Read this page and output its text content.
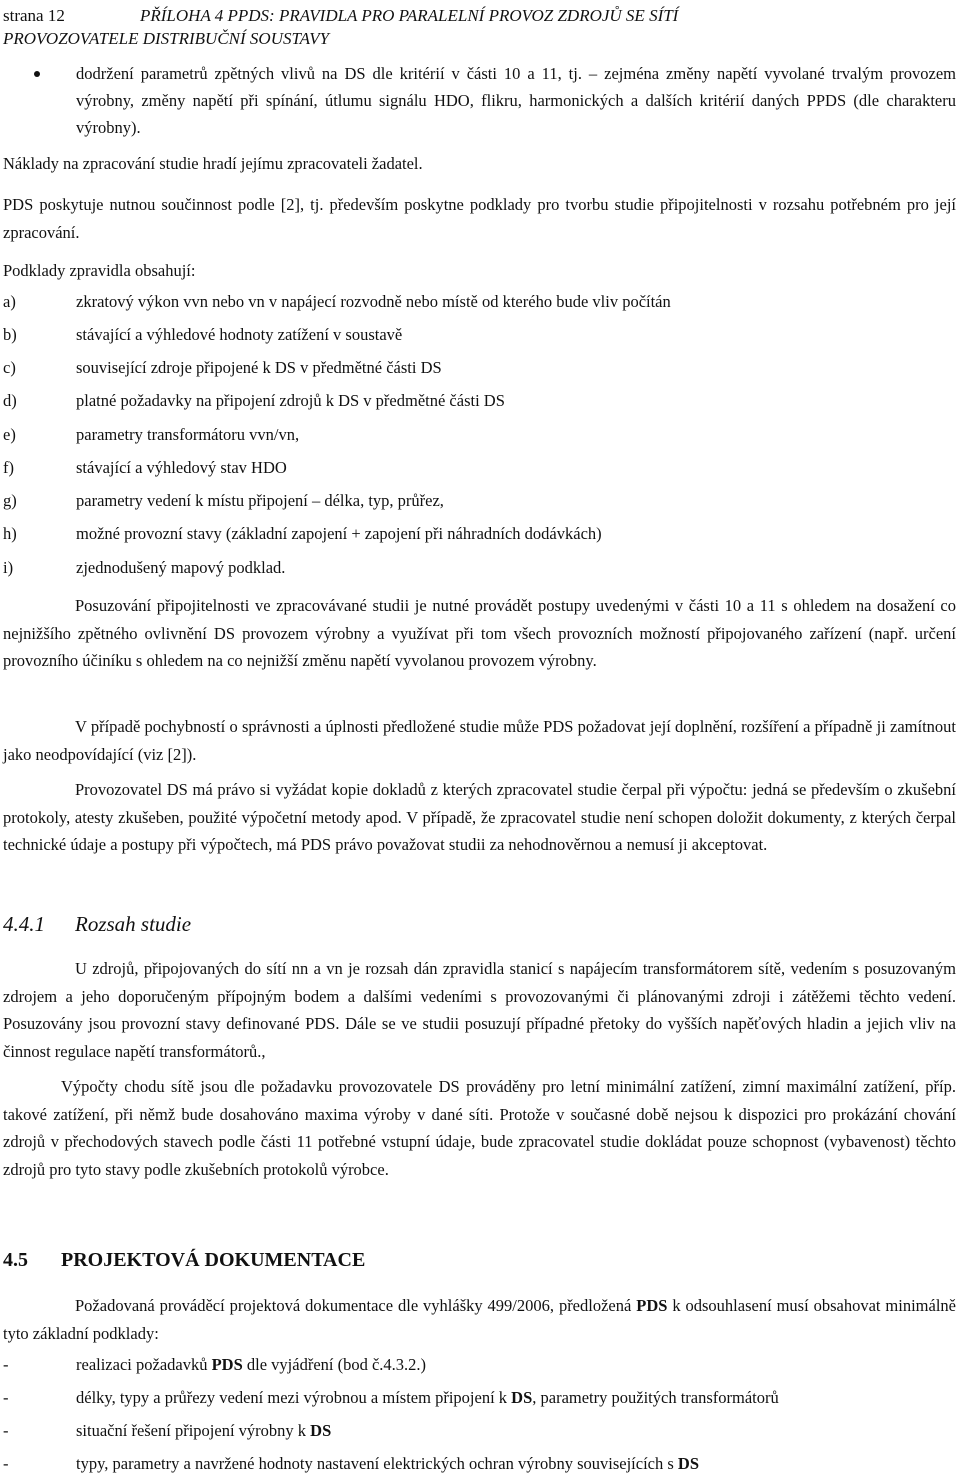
strana 12	PŘÍLOHA 4 PPDS: PRAVIDLA PRO PARALELNÍ PROVOZ ZDROJŮ SE SÍTÍ
PROVOZOVATELE DISTRIBUČNÍ SOUSTAVY
dodržení parametrů zpětných vlivů na DS dle kritérií v části 10 a 11, tj. – zejména změny napětí vyvolané trvalým provozem výrobny, změny napětí při spínání, útlumu signálu HDO, flikru, harmonických a dalších kritérií daných PPDS (dle charakteru výrobny).
Náklady na zpracování studie hradí jejímu zpracovateli žadatel.
PDS poskytuje nutnou součinnost podle [2], tj. především poskytne podklady pro tvorbu studie připojitelnosti v rozsahu potřebném pro její zpracování.
Podklady zpravidla obsahují:
a)	zkratový výkon vvn nebo vn v napájecí rozvodně nebo místě od kterého bude vliv počítán
b)	stávající a výhledové hodnoty zatížení v soustavě
c)	související zdroje připojené k DS v předmětné části DS
d)	platné požadavky na připojení zdrojů k DS v předmětné části DS
e)	parametry transformátoru vvn/vn,
f)	stávající a výhledový stav HDO
g)	parametry vedení k místu připojení – délka, typ, průřez,
h)	možné provozní stavy (základní zapojení + zapojení při náhradních dodávkách)
i)	zjednodušený mapový podklad.
Posuzování připojitelnosti ve zpracovávané studii je nutné provádět postupy uvedenými v části 10 a 11 s ohledem na dosažení co nejnižšího zpětného ovlivnění DS provozem výrobny a využívat při tom všech provozních možností připojovaného zařízení (např. určení provozního účiníku s ohledem na co nejnižší změnu napětí vyvolanou provozem výrobny.
V případě pochybností o správnosti a úplnosti předložené studie může PDS požadovat její doplnění, rozšíření a případně ji zamítnout jako neodpovídající (viz [2]).
Provozovatel DS má právo si vyžádat kopie dokladů z kterých zpracovatel studie čerpal při výpočtu: jedná se především o zkušební protokoly, atesty zkušeben, použité výpočetní metody apod. V případě, že zpracovatel studie není schopen doložit dokumenty, z kterých čerpal technické údaje a postupy při výpočtech, má PDS právo považovat studii za nehodnověrnou a nemusí ji akceptovat.
4.4.1 Rozsah studie
U zdrojů, připojovaných do sítí nn a vn je rozsah dán zpravidla stanicí s napájecím transformátorem sítě, vedením s posuzovaným zdrojem a jeho doporučeným přípojným bodem a dalšími vedeními s provozovanými či plánovanými zdroji i zátěžemi těchto vedení. Posuzovány jsou provozní stavy definované PDS. Dále se ve studii posuzují případné přetoky do vyšších napěťových hladin a jejich vliv na činnost regulace napětí transformátorů.,
Výpočty chodu sítě jsou dle požadavku provozovatele DS prováděny pro letní minimální zatížení, zimní maximální zatížení, příp. takové zatížení, při němž bude dosahováno maxima výroby v dané síti. Protože v současné době nejsou k dispozici pro prokázání chování zdrojů v přechodových stavech podle části 11 potřebné vstupní údaje, bude zpracovatel studie dokládat pouze schopnost (vybavenost) těchto zdrojů pro tyto stavy podle zkušebních protokolů výrobce.
4.5 PROJEKTOVÁ DOKUMENTACE
Požadovaná prováděcí projektová dokumentace dle vyhlášky 499/2006, předložená PDS k odsouhlasení musí obsahovat minimálně tyto základní podklady:
-	realizaci požadavků PDS dle vyjádření (bod č.4.3.2.)
-	délky, typy a průřezy vedení mezi výrobnou a místem připojení k DS, parametry použitých transformátorů
-	situační řešení připojení výrobny k DS
-	typy, parametry a navržené hodnoty nastavení elektrických ochran výrobny souvisejících s DS
